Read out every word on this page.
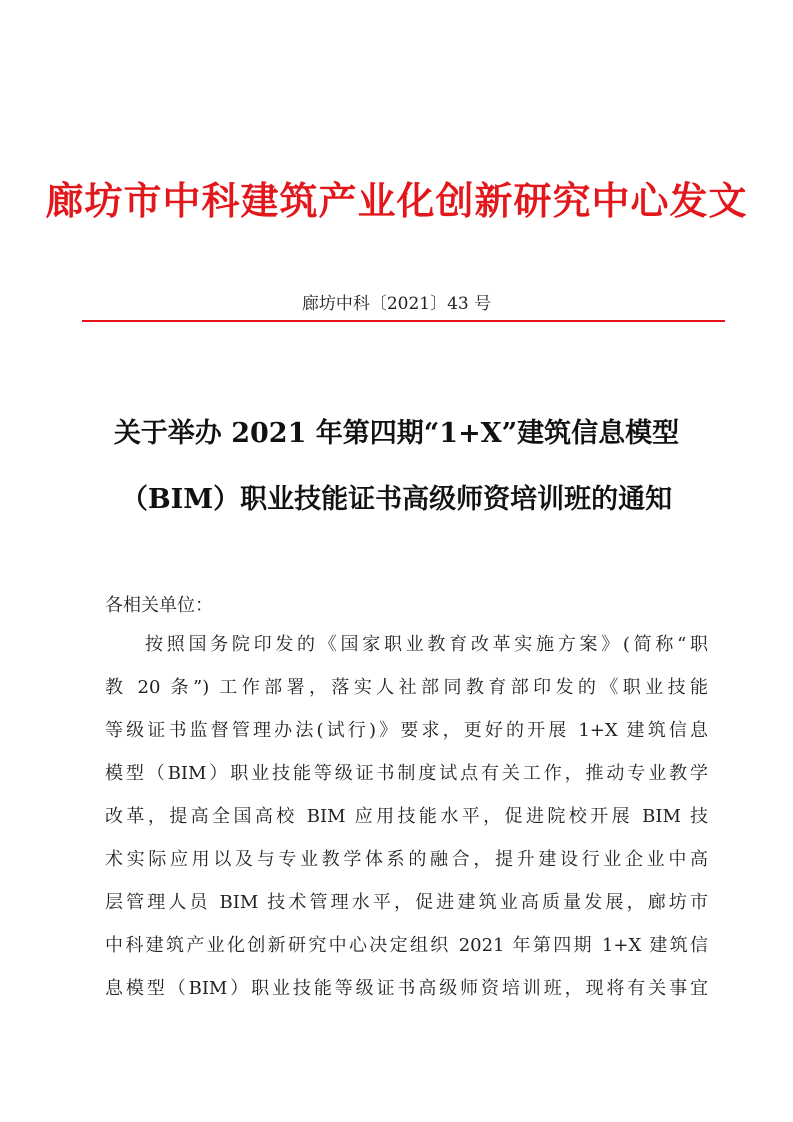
廊坊市中科建筑产业化创新研究中心发文
廊坊中科〔2021〕43 号
关于举办 2021 年第四期“1+X”建筑信息模型
（BIM）职业技能证书高级师资培训班的通知
各相关单位：
按照国务院印发的《国家职业教育改革实施方案》(简称“职
教 20 条”) 工作部署，落实人社部同教育部印发的《职业技能
等级证书监督管理办法(试行)》要求，更好的开展 1+X 建筑信息
模型（BIM）职业技能等级证书制度试点有关工作，推动专业教学
改革，提高全国高校 BIM 应用技能水平，促进院校开展 BIM 技
术实际应用以及与专业教学体系的融合，提升建设行业企业中高
层管理人员 BIM 技术管理水平，促进建筑业高质量发展，廊坊市
中科建筑产业化创新研究中心决定组织 2021 年第四期 1+X 建筑信
息模型（BIM）职业技能等级证书高级师资培训班，现将有关事宜
